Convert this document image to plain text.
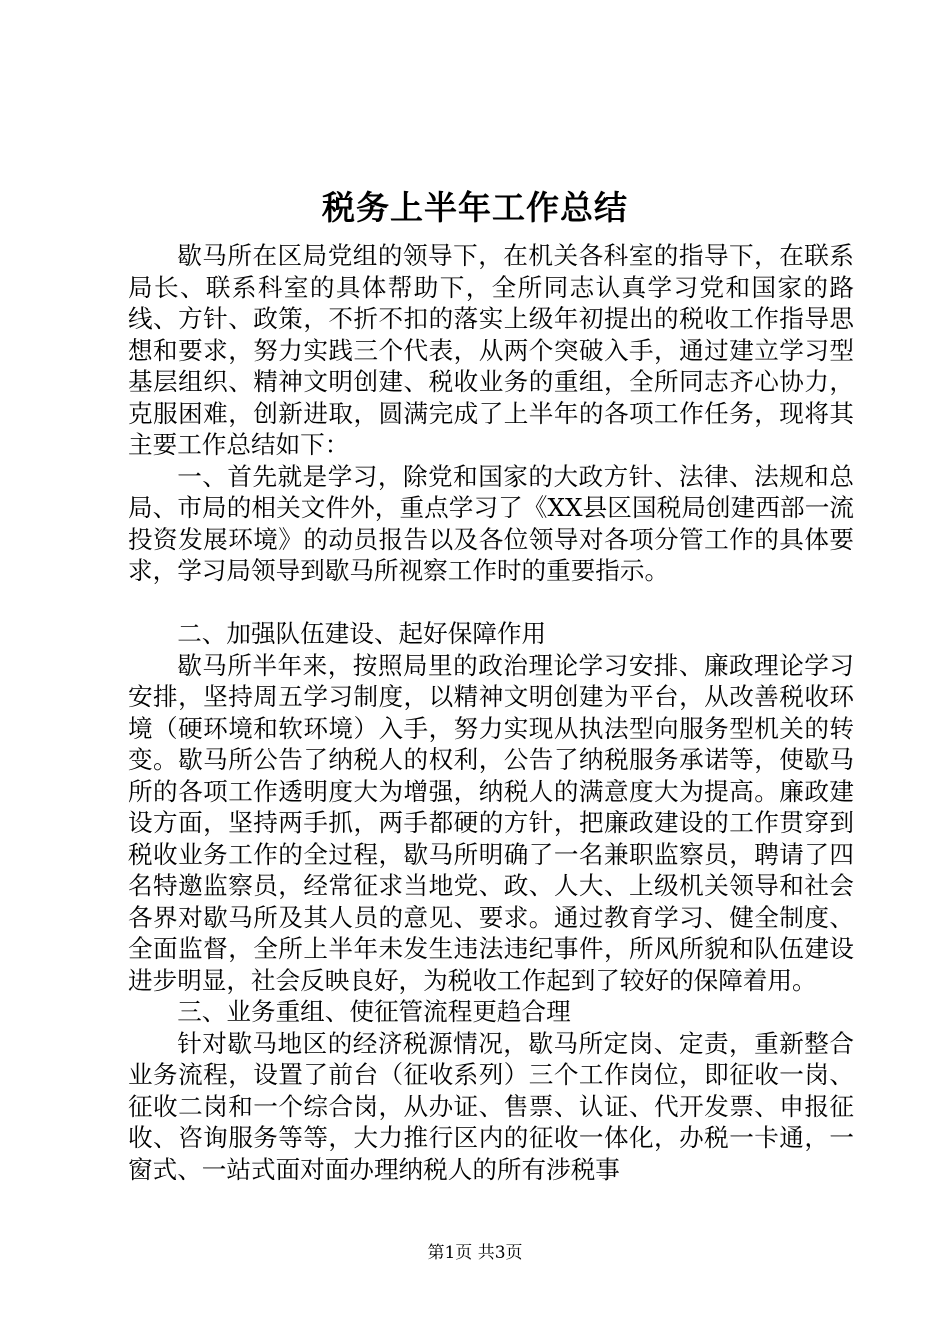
税务上半年工作总结

歇马所在区局党组的领导下，在机关各科室的指导下，在联系局长、联系科室的具体帮助下，全所同志认真学习党和国家的路线、方针、政策，不折不扣的落实上级年初提出的税收工作指导思想和要求，努力实践三个代表，从两个突破入手，通过建立学习型基层组织、精神文明创建、税收业务的重组，全所同志齐心协力，克服困难，创新进取，圆满完成了上半年的各项工作任务，现将其主要工作总结如下：

一、首先就是学习，除党和国家的大政方针、法律、法规和总局、市局的相关文件外，重点学习了《XX县区国税局创建西部一流投资发展环境》的动员报告以及各位领导对各项分管工作的具体要求，学习局领导到歇马所视察工作时的重要指示。

二、加强队伍建设、起好保障作用

歇马所半年来，按照局里的政治理论学习安排、廉政理论学习安排，坚持周五学习制度，以精神文明创建为平台，从改善税收环境（硬环境和软环境）入手，努力实现从执法型向服务型机关的转变。歇马所公告了纳税人的权利，公告了纳税服务承诺等，使歇马所的各项工作透明度大为增强，纳税人的满意度大为提高。廉政建设方面，坚持两手抓，两手都硬的方针，把廉政建设的工作贯穿到税收业务工作的全过程，歇马所明确了一名兼职监察员，聘请了四名特邀监察员，经常征求当地党、政、人大、上级机关领导和社会各界对歇马所及其人员的意见、要求。通过教育学习、健全制度、全面监督，全所上半年未发生违法违纪事件，所风所貌和队伍建设进步明显，社会反映良好，为税收工作起到了较好的保障着用。

三、业务重组、使征管流程更趋合理

针对歇马地区的经济税源情况，歇马所定岗、定责，重新整合业务流程，设置了前台（征收系列）三个工作岗位，即征收一岗、征收二岗和一个综合岗，从办证、售票、认证、代开发票、申报征收、咨询服务等等，大力推行区内的征收一体化，办税一卡通，一窗式、一站式面对面办理纳税人的所有涉税事

第1页 共3页
